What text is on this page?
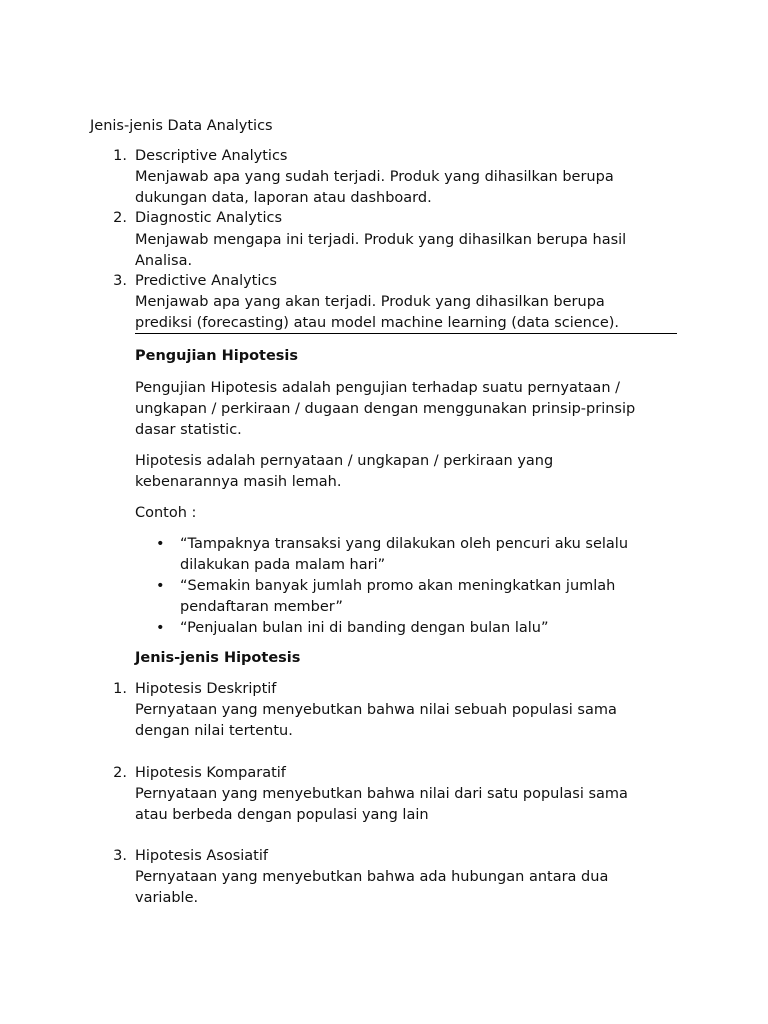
Jenis-jenis Data Analytics
1. Descriptive Analytics
Menjawab apa yang sudah terjadi. Produk yang dihasilkan berupa
dukungan data, laporan atau dashboard.
2. Diagnostic Analytics
Menjawab mengapa ini terjadi. Produk yang dihasilkan berupa hasil
Analisa.
3. Predictive Analytics
Menjawab apa yang akan terjadi. Produk yang dihasilkan berupa
prediksi (forecasting) atau model machine learning (data science).
Pengujian Hipotesis
Pengujian Hipotesis adalah pengujian terhadap suatu pernyataan /
ungkapan / perkiraan / dugaan dengan menggunakan prinsip-prinsip
dasar statistic.
Hipotesis adalah pernyataan / ungkapan / perkiraan yang
kebenarannya masih lemah.
Contoh :
• “Tampaknya transaksi yang dilakukan oleh pencuri aku selalu
dilakukan pada malam hari”
• “Semakin banyak jumlah promo akan meningkatkan jumlah
pendaftaran member”
• “Penjualan bulan ini di banding dengan bulan lalu”
Jenis-jenis Hipotesis
1. Hipotesis Deskriptif
Pernyataan yang menyebutkan bahwa nilai sebuah populasi sama
dengan nilai tertentu.
2. Hipotesis Komparatif
Pernyataan yang menyebutkan bahwa nilai dari satu populasi sama
atau berbeda dengan populasi yang lain
3. Hipotesis Asosiatif
Pernyataan yang menyebutkan bahwa ada hubungan antara dua
variable.
